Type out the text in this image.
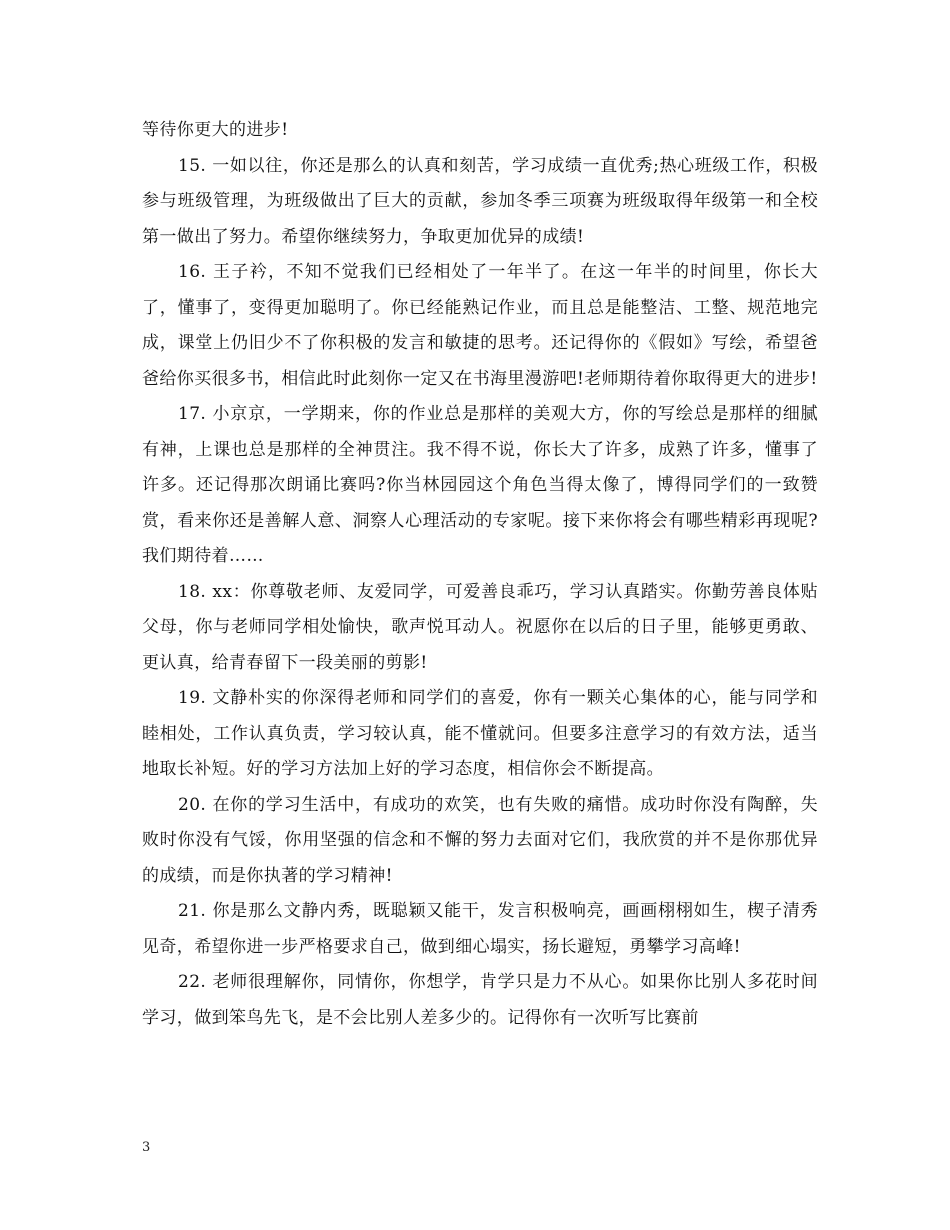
等待你更大的进步!

15. 一如以往，你还是那么的认真和刻苦，学习成绩一直优秀;热心班级工作，积极参与班级管理，为班级做出了巨大的贡献，参加冬季三项赛为班级取得年级第一和全校第一做出了努力。希望你继续努力，争取更加优异的成绩!

16. 王子衿，不知不觉我们已经相处了一年半了。在这一年半的时间里，你长大了，懂事了，变得更加聪明了。你已经能熟记作业，而且总是能整洁、工整、规范地完成，课堂上仍旧少不了你积极的发言和敏捷的思考。还记得你的《假如》写绘，希望爸爸给你买很多书，相信此时此刻你一定又在书海里漫游吧!老师期待着你取得更大的进步!

17. 小京京，一学期来，你的作业总是那样的美观大方，你的写绘总是那样的细腻有神，上课也总是那样的全神贯注。我不得不说，你长大了许多，成熟了许多，懂事了许多。还记得那次朗诵比赛吗?你当林园园这个角色当得太像了，博得同学们的一致赞赏，看来你还是善解人意、洞察人心理活动的专家呢。接下来你将会有哪些精彩再现呢?我们期待着……

18. xx：你尊敬老师、友爱同学，可爱善良乖巧，学习认真踏实。你勤劳善良体贴父母，你与老师同学相处愉快，歌声悦耳动人。祝愿你在以后的日子里，能够更勇敢、更认真，给青春留下一段美丽的剪影!

19. 文静朴实的你深得老师和同学们的喜爱，你有一颗关心集体的心，能与同学和睦相处，工作认真负责，学习较认真，能不懂就问。但要多注意学习的有效方法，适当地取长补短。好的学习方法加上好的学习态度，相信你会不断提高。

20. 在你的学习生活中，有成功的欢笑，也有失败的痛惜。成功时你没有陶醉，失败时你没有气馁，你用坚强的信念和不懈的努力去面对它们，我欣赏的并不是你那优异的成绩，而是你执著的学习精神!

21. 你是那么文静内秀，既聪颖又能干，发言积极响亮，画画栩栩如生，楔子清秀见奇，希望你进一步严格要求自己，做到细心塌实，扬长避短，勇攀学习高峰!

22. 老师很理解你，同情你，你想学，肯学只是力不从心。如果你比别人多花时间学习，做到笨鸟先飞，是不会比别人差多少的。记得你有一次听写比赛前

3
